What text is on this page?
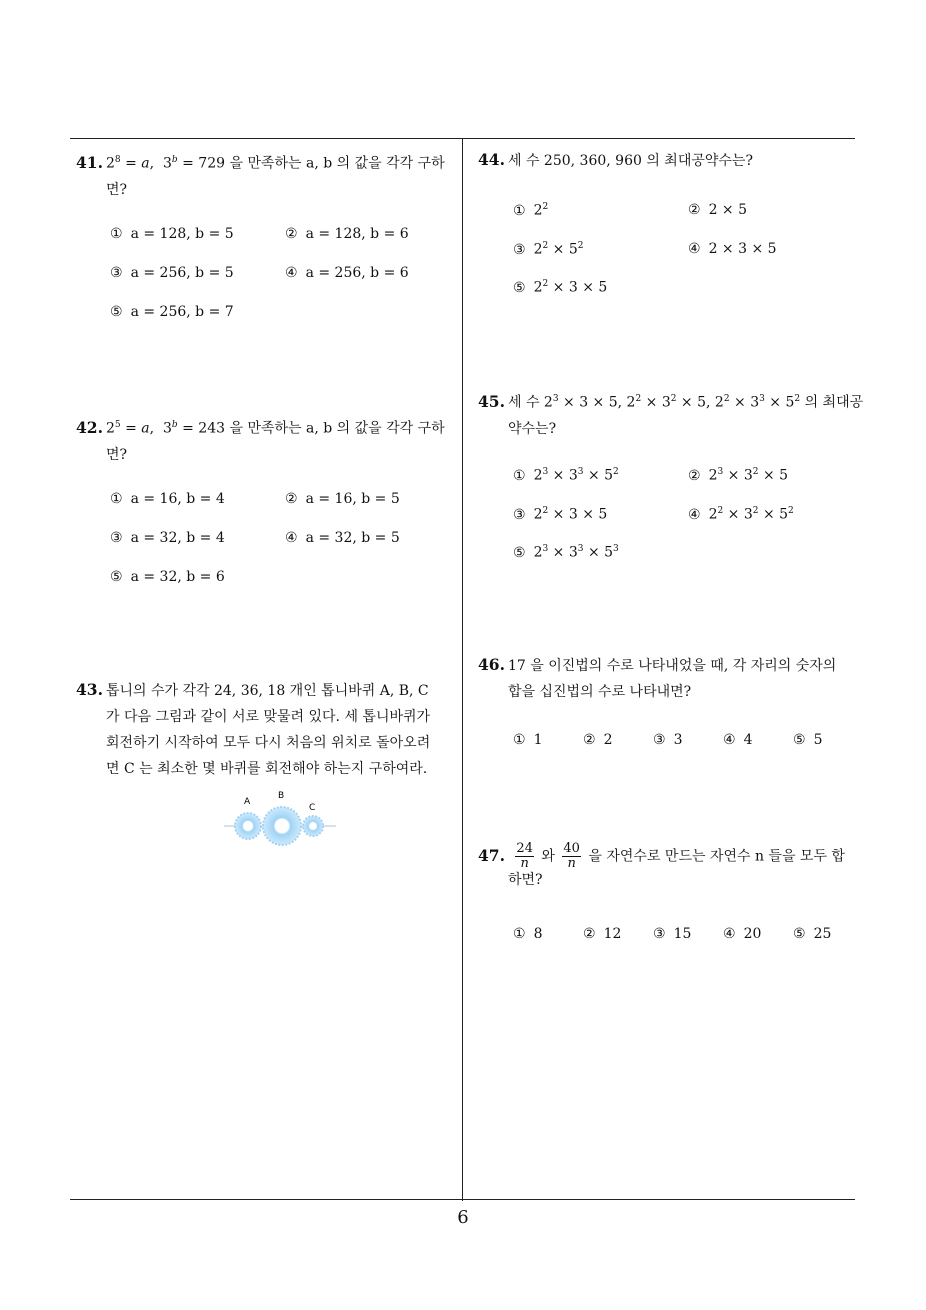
41. $2^8 = a$,  $3^b = 729$ 을 만족하는 a, b 의 값을 각각 구하
면?
① a = 128, b = 5	② a = 128, b = 6
③ a = 256, b = 5	④ a = 256, b = 6
⑤ a = 256, b = 7
42. $2^5 = a$,  $3^b = 243$ 을 만족하는 a, b 의 값을 각각 구하
면?
① a = 16, b = 4	② a = 16, b = 5
③ a = 32, b = 4	④ a = 32, b = 5
⑤ a = 32, b = 6
43. 톱니의 수가 각각 24, 36, 18 개인 톱니바퀴 A, B, C
가 다음 그림과 같이 서로 맞물려 있다. 세 톱니바퀴가
회전하기 시작하여 모두 다시 처음의 위치로 돌아오려
면 C 는 최소한 몇 바퀴를 회전해야 하는지 구하여라.
A
B
C
44. 세 수 250, 360, 960 의 최대공약수는?
① $2^2$	② 2 × 5
③ $2^2 \times 5^2$	④ 2 × 3 × 5
⑤ $2^2 \times 3 \times 5$
45. 세 수 $2^3 \times 3 \times 5$, $2^2 \times 3^2 \times 5$, $2^2 \times 3^3 \times 5^2$ 의 최대공
약수는?
① $2^3 \times 3^3 \times 5^2$	② $2^3 \times 3^2 \times 5$
③ $2^2 \times 3 \times 5$	④ $2^2 \times 3^2 \times 5^2$
⑤ $2^3 \times 3^3 \times 5^3$
46. 17 을 이진법의 수로 나타내었을 때, 각 자리의 숫자의
합을 십진법의 수로 나타내면?
① 1	② 2	③ 3	④ 4	⑤ 5
47. $\frac{24}{n}$ 와 $\frac{40}{n}$ 을 자연수로 만드는 자연수 n 들을 모두 합
하면?
① 8	② 12 ③ 15 ④ 20 ⑤ 25
6
